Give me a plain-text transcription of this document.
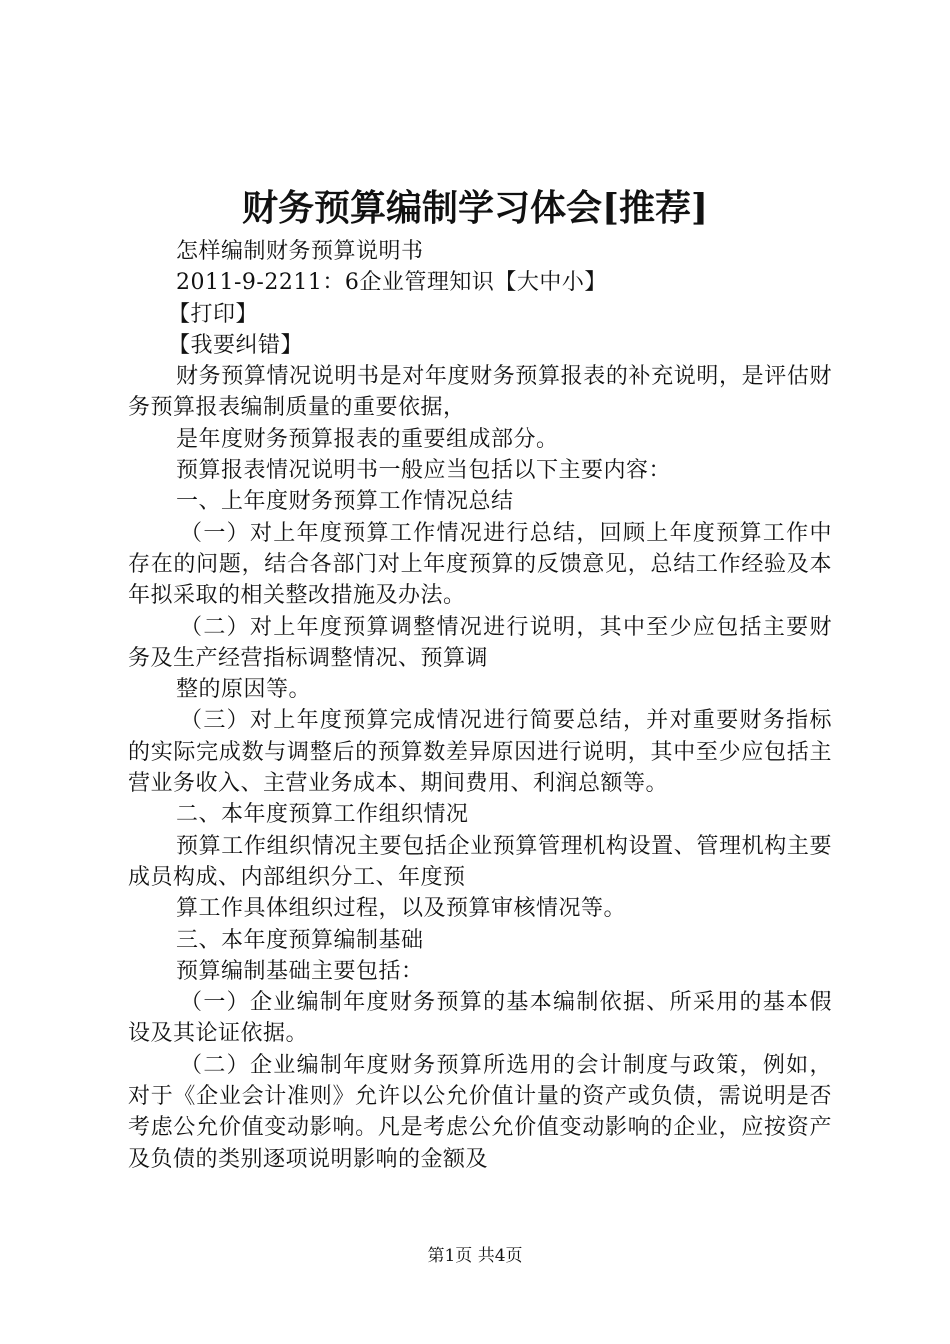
财务预算编制学习体会[推荐]

怎样编制财务预算说明书

2011-9-2211：6企业管理知识【大中小】

【打印】

【我要纠错】

财务预算情况说明书是对年度财务预算报表的补充说明，是评估财务预算报表编制质量的重要依据，

是年度财务预算报表的重要组成部分。

预算报表情况说明书一般应当包括以下主要内容：

一、上年度财务预算工作情况总结

（一）对上年度预算工作情况进行总结，回顾上年度预算工作中存在的问题，结合各部门对上年度预算的反馈意见，总结工作经验及本年拟采取的相关整改措施及办法。

（二）对上年度预算调整情况进行说明，其中至少应包括主要财务及生产经营指标调整情况、预算调

整的原因等。

（三）对上年度预算完成情况进行简要总结，并对重要财务指标的实际完成数与调整后的预算数差异原因进行说明，其中至少应包括主营业务收入、主营业务成本、期间费用、利润总额等。

二、本年度预算工作组织情况

预算工作组织情况主要包括企业预算管理机构设置、管理机构主要成员构成、内部组织分工、年度预

算工作具体组织过程，以及预算审核情况等。

三、本年度预算编制基础

预算编制基础主要包括：

（一）企业编制年度财务预算的基本编制依据、所采用的基本假设及其论证依据。

（二）企业编制年度财务预算所选用的会计制度与政策，例如，对于《企业会计准则》允许以公允价值计量的资产或负债，需说明是否考虑公允价值变动影响。凡是考虑公允价值变动影响的企业，应按资产及负债的类别逐项说明影响的金额及

第1页 共4页
